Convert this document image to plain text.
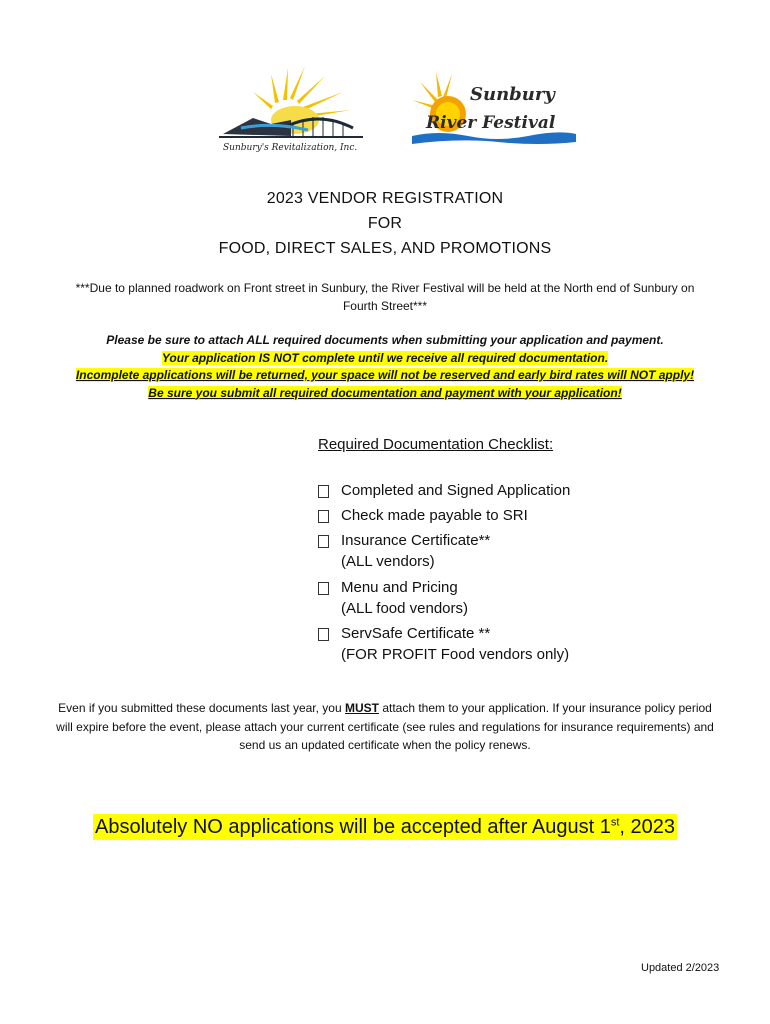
Sunbury's Revitalization, Inc.
Sunbury
River Festival
2023 VENDOR REGISTRATION
FOR
FOOD, DIRECT SALES, AND PROMOTIONS
***Due to planned roadwork on Front street in Sunbury, the River Festival will be held at the North end of Sunbury on
Fourth Street***
Please be sure to attach ALL required documents when submitting your application and payment.
Your application IS NOT complete until we receive all required documentation.
Incomplete applications will be returned, your space will not be reserved and early bird rates will NOT apply!
Be sure you submit all required documentation and payment with your application!
Required Documentation Checklist:
Completed and Signed Application
Check made payable to SRI
Insurance Certificate**
(ALL vendors)
Menu and Pricing
(ALL food vendors)
ServSafe Certificate **
(FOR PROFIT Food vendors only)
Even if you submitted these documents last year, you MUST attach them to your application. If your insurance policy period will expire before the event, please attach your current certificate (see rules and regulations for insurance requirements) and send us an updated certificate when the policy renews.
Absolutely NO applications will be accepted after August 1st, 2023
Updated 2/2023
